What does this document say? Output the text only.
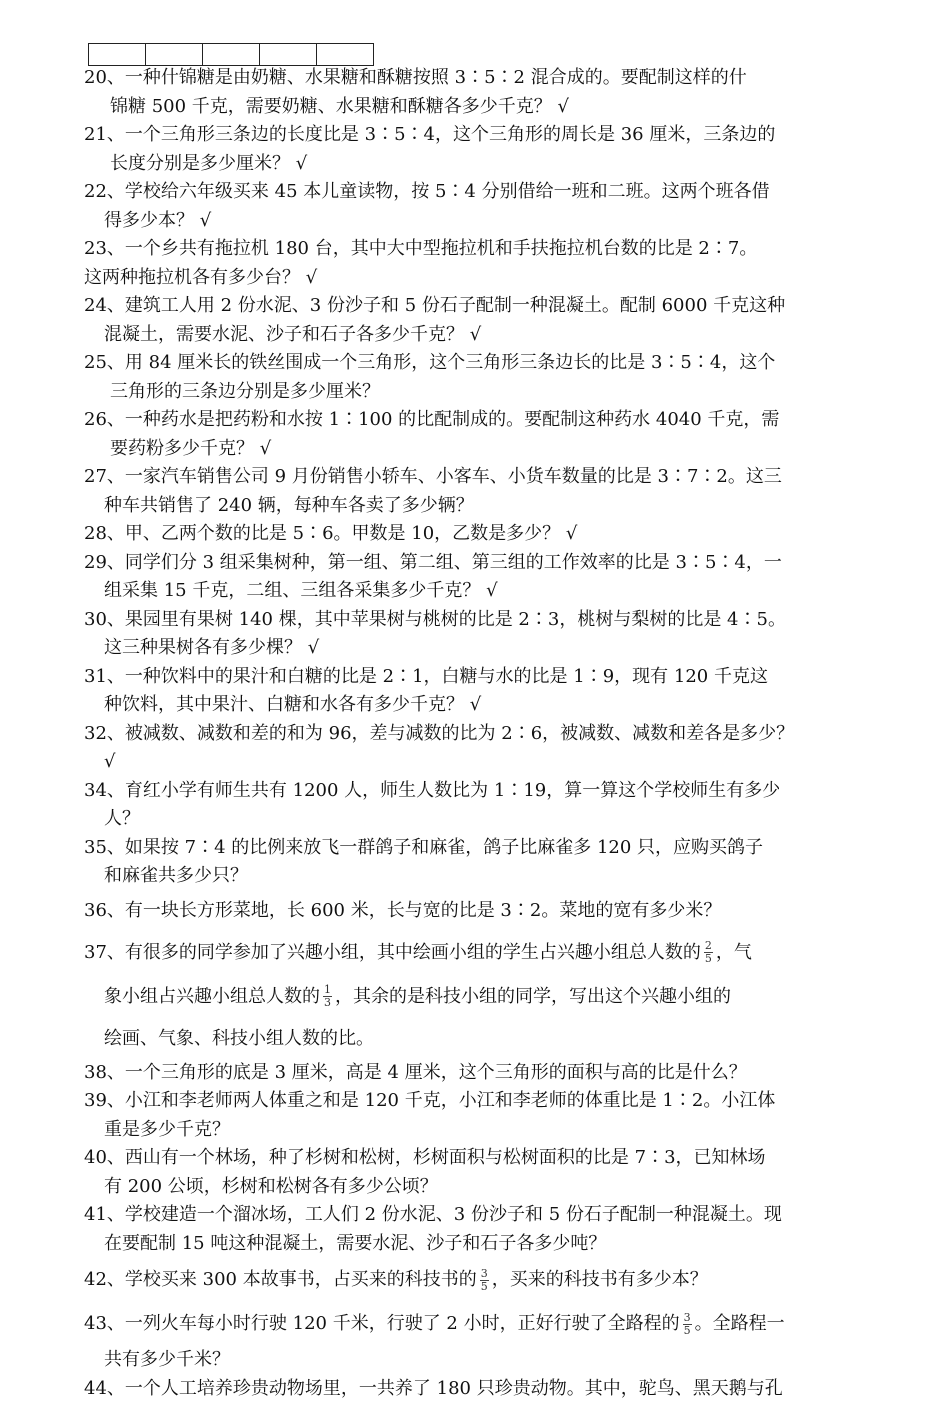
20、一种什锦糖是由奶糖、水果糖和酥糖按照 3∶5∶2 混合成的。要配制这样的什
锦糖 500 千克，需要奶糖、水果糖和酥糖各多少千克？ √

21、一个三角形三条边的长度比是 3∶5∶4，这个三角形的周长是 36 厘米，三条边的
长度分别是多少厘米？ √

22、学校给六年级买来 45 本儿童读物，按 5∶4 分别借给一班和二班。这两个班各借
得多少本？ √

23、一个乡共有拖拉机 180 台，其中大中型拖拉机和手扶拖拉机台数的比是 2∶7。
这两种拖拉机各有多少台？ √

24、建筑工人用 2 份水泥、3 份沙子和 5 份石子配制一种混凝土。配制 6000 千克这种
混凝土，需要水泥、沙子和石子各多少千克？ √

25、用 84 厘米长的铁丝围成一个三角形，这个三角形三条边长的比是 3∶5∶4，这个
三角形的三条边分别是多少厘米？

26、一种药水是把药粉和水按 1∶100 的比配制成的。要配制这种药水 4040 千克，需
要药粉多少千克？ √

27、一家汽车销售公司 9 月份销售小轿车、小客车、小货车数量的比是 3∶7∶2。这三
种车共销售了 240 辆，每种车各卖了多少辆？

28、甲、乙两个数的比是 5∶6。甲数是 10，乙数是多少？ √

29、同学们分 3 组采集树种，第一组、第二组、第三组的工作效率的比是 3∶5∶4，一
组采集 15 千克，二组、三组各采集多少千克？ √

30、果园里有果树 140 棵，其中苹果树与桃树的比是 2∶3，桃树与梨树的比是 4∶5。
这三种果树各有多少棵？ √

31、一种饮料中的果汁和白糖的比是 2∶1，白糖与水的比是 1∶9，现有 120 千克这
种饮料，其中果汁、白糖和水各有多少千克？ √

32、被减数、减数和差的和为 96，差与减数的比为 2∶6，被减数、减数和差各是多少？
√

34、育红小学有师生共有 1200 人，师生人数比为 1∶19，算一算这个学校师生有多少
人？

35、如果按 7∶4 的比例来放飞一群鸽子和麻雀，鸽子比麻雀多 120 只，应购买鸽子
和麻雀共多少只？

36、有一块长方形菜地，长 600 米，长与宽的比是 3∶2。菜地的宽有多少米？

37、有很多的同学参加了兴趣小组，其中绘画小组的学生占兴趣小组总人数的 $\frac{2}{5}$ ，气
象小组占兴趣小组总人数的 $\frac{1}{3}$ ，其余的是科技小组的同学，写出这个兴趣小组的
绘画、气象、科技小组人数的比。

38、一个三角形的底是 3 厘米，高是 4 厘米，这个三角形的面积与高的比是什么？

39、小江和李老师两人体重之和是 120 千克，小江和李老师的体重比是 1∶2。小江体
重是多少千克？

40、西山有一个林场，种了杉树和松树，杉树面积与松树面积的比是 7∶3，已知林场
有 200 公顷，杉树和松树各有多少公顷？

41、学校建造一个溜冰场，工人们 2 份水泥、3 份沙子和 5 份石子配制一种混凝土。现
在要配制 15 吨这种混凝土，需要水泥、沙子和石子各多少吨？

42、学校买来 300 本故事书，占买来的科技书的 $\frac{3}{5}$ ，买来的科技书有多少本？

43、一列火车每小时行驶 120 千米，行驶了 2 小时，正好行驶了全路程的 $\frac{3}{5}$ 。全路程一
共有多少千米？

44、一个人工培养珍贵动物场里，一共养了 180 只珍贵动物。其中，驼鸟、黑天鹅与孔
